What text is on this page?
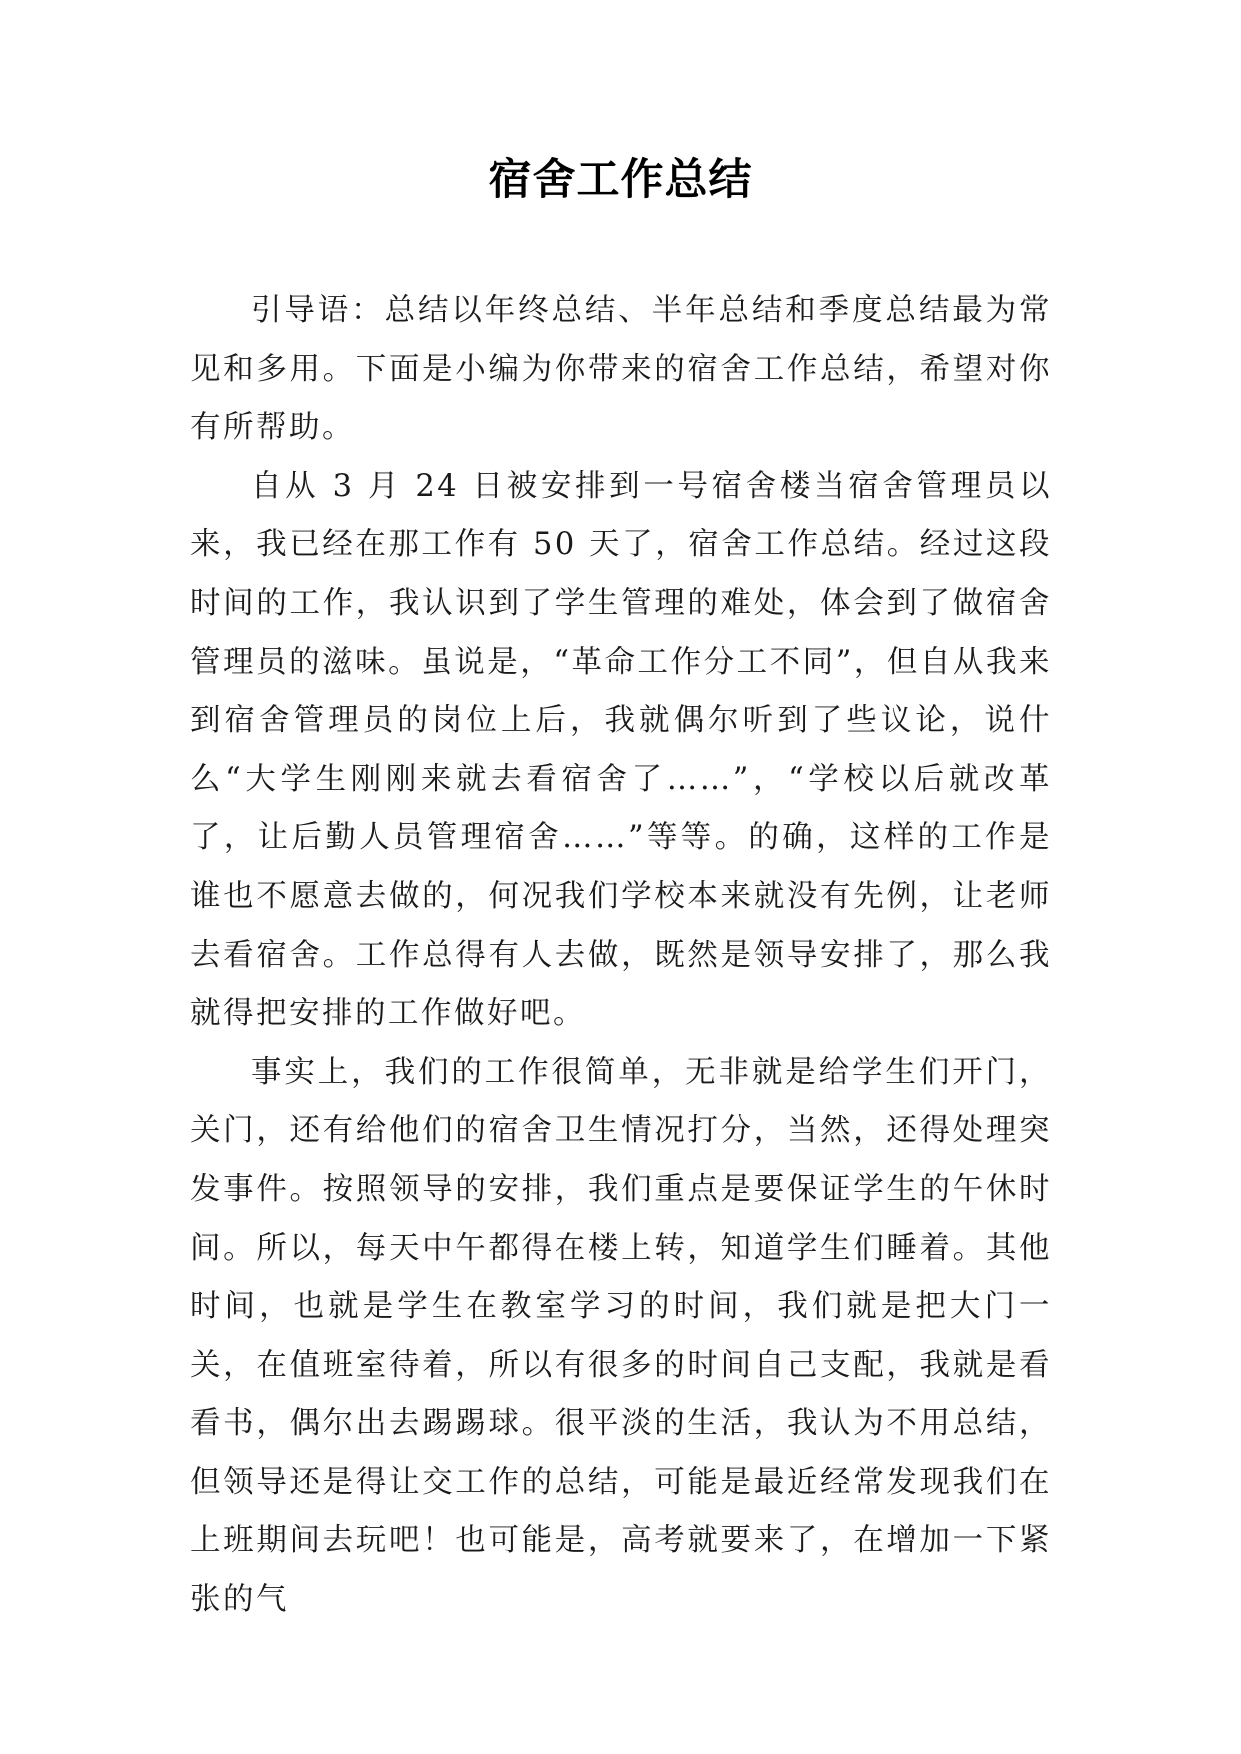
宿舍工作总结

引导语：总结以年终总结、半年总结和季度总结最为常见和多用。下面是小编为你带来的宿舍工作总结，希望对你有所帮助。

自从 3 月 24 日被安排到一号宿舍楼当宿舍管理员以来，我已经在那工作有 50 天了，宿舍工作总结。经过这段时间的工作，我认识到了学生管理的难处，体会到了做宿舍管理员的滋味。虽说是，“革命工作分工不同”，但自从我来到宿舍管理员的岗位上后，我就偶尔听到了些议论，说什么“大学生刚刚来就去看宿舍了……”，“学校以后就改革了，让后勤人员管理宿舍……”等等。的确，这样的工作是谁也不愿意去做的，何况我们学校本来就没有先例，让老师去看宿舍。工作总得有人去做，既然是领导安排了，那么我就得把安排的工作做好吧。

事实上，我们的工作很简单，无非就是给学生们开门，关门，还有给他们的宿舍卫生情况打分，当然，还得处理突发事件。按照领导的安排，我们重点是要保证学生的午休时间。所以，每天中午都得在楼上转，知道学生们睡着。其他时间，也就是学生在教室学习的时间，我们就是把大门一关，在值班室待着，所以有很多的时间自己支配，我就是看看书，偶尔出去踢踢球。很平淡的生活，我认为不用总结，但领导还是得让交工作的总结，可能是最近经常发现我们在上班期间去玩吧！也可能是，高考就要来了，在增加一下紧张的气
